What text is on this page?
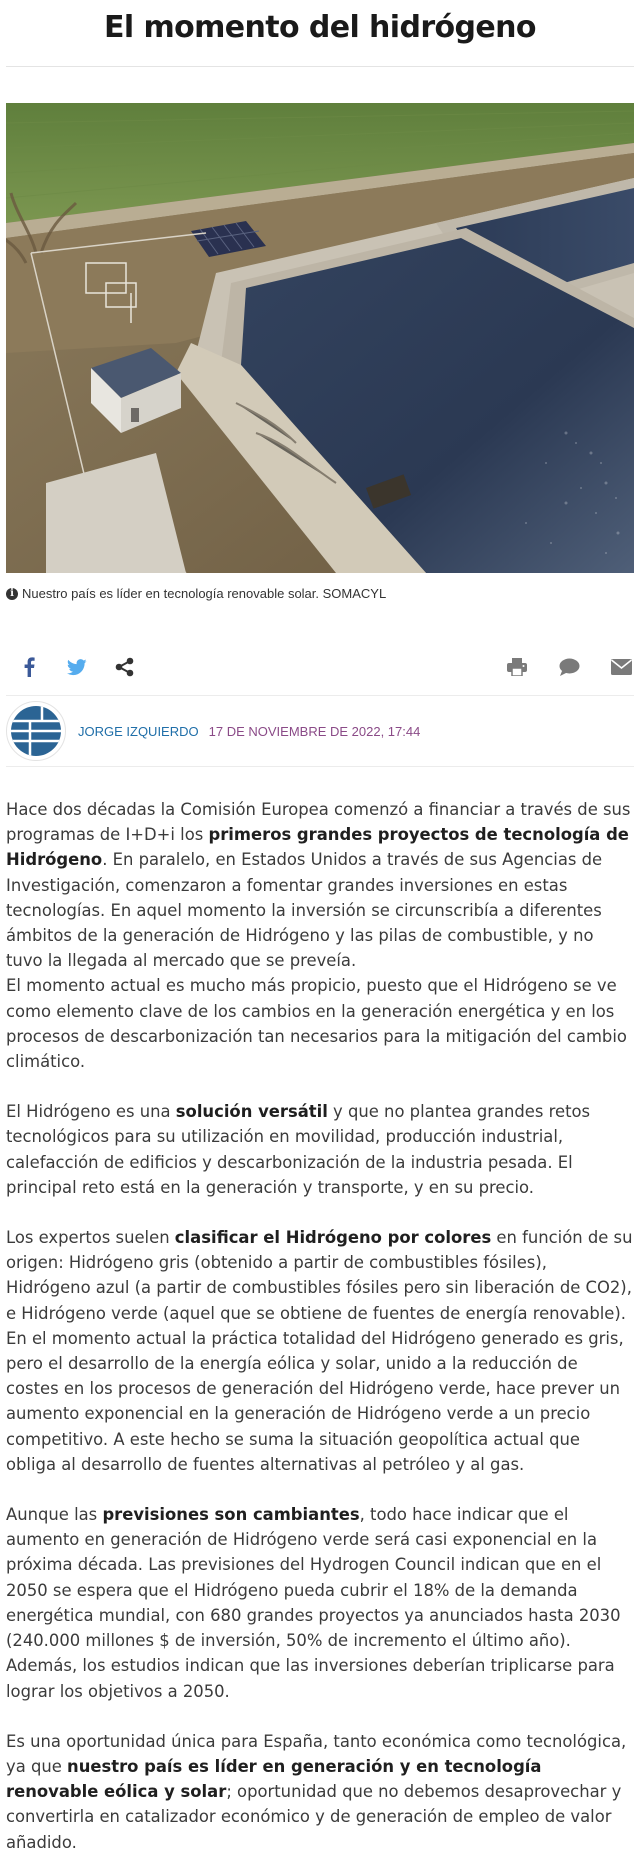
El momento del hidrógeno
i Nuestro país es líder en tecnología renovable solar. SOMACYL
JORGE IZQUIERDO 17 DE NOVIEMBRE DE 2022, 17:44

Hace dos décadas la Comisión Europea comenzó a financiar a través de sus programas de I+D+i los primeros grandes proyectos de tecnología de Hidrógeno. En paralelo, en Estados Unidos a través de sus Agencias de Investigación, comenzaron a fomentar grandes inversiones en estas tecnologías. En aquel momento la inversión se circunscribía a diferentes ámbitos de la generación de Hidrógeno y las pilas de combustible, y no tuvo la llegada al mercado que se preveía.

El momento actual es mucho más propicio, puesto que el Hidrógeno se ve como elemento clave de los cambios en la generación energética y en los procesos de descarbonización tan necesarios para la mitigación del cambio climático.

El Hidrógeno es una solución versátil y que no plantea grandes retos tecnológicos para su utilización en movilidad, producción industrial, calefacción de edificios y descarbonización de la industria pesada. El principal reto está en la generación y transporte, y en su precio.

Los expertos suelen clasificar el Hidrógeno por colores en función de su origen: Hidrógeno gris (obtenido a partir de combustibles fósiles), Hidrógeno azul (a partir de combustibles fósiles pero sin liberación de CO2), e Hidrógeno verde (aquel que se obtiene de fuentes de energía renovable). En el momento actual la práctica totalidad del Hidrógeno generado es gris, pero el desarrollo de la energía eólica y solar, unido a la reducción de costes en los procesos de generación del Hidrógeno verde, hace prever un aumento exponencial en la generación de Hidrógeno verde a un precio competitivo. A este hecho se suma la situación geopolítica actual que obliga al desarrollo de fuentes alternativas al petróleo y al gas.

Aunque las previsiones son cambiantes, todo hace indicar que el aumento en generación de Hidrógeno verde será casi exponencial en la próxima década. Las previsiones del Hydrogen Council indican que en el 2050 se espera que el Hidrógeno pueda cubrir el 18% de la demanda energética mundial, con 680 grandes proyectos ya anunciados hasta 2030 (240.000 millones $ de inversión, 50% de incremento el último año). Además, los estudios indican que las inversiones deberían triplicarse para lograr los objetivos a 2050.

Es una oportunidad única para España, tanto económica como tecnológica, ya que nuestro país es líder en generación y en tecnología renovable eólica y solar; oportunidad que no debemos desaprovechar y convertirla en catalizador económico y de generación de empleo de valor añadido.
